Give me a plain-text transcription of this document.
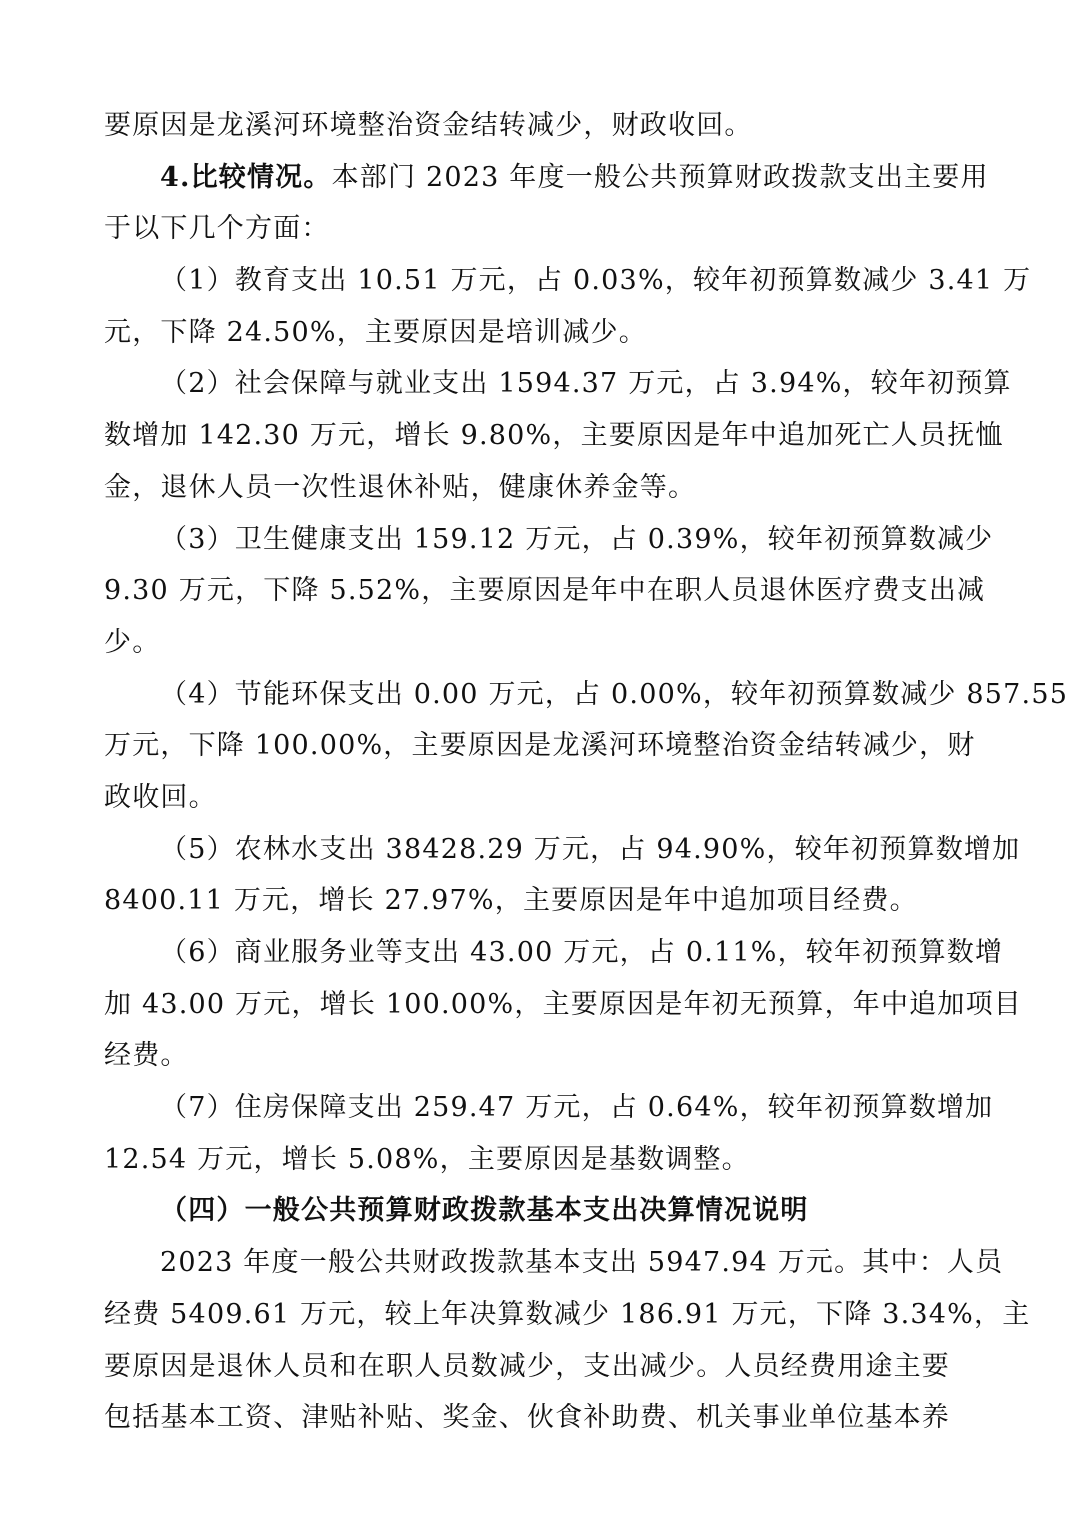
要原因是龙溪河环境整治资金结转减少，财政收回。
4.比较情况。本部门 2023 年度一般公共预算财政拨款支出主要用
于以下几个方面：
（1）教育支出 10.51 万元，占 0.03%，较年初预算数减少 3.41 万
元，下降 24.50%，主要原因是培训减少。
（2）社会保障与就业支出 1594.37 万元，占 3.94%，较年初预算
数增加 142.30 万元，增长 9.80%，主要原因是年中追加死亡人员抚恤
金，退休人员一次性退休补贴，健康休养金等。
（3）卫生健康支出 159.12 万元，占 0.39%，较年初预算数减少
9.30 万元，下降 5.52%，主要原因是年中在职人员退休医疗费支出减
少。
（4）节能环保支出 0.00 万元，占 0.00%，较年初预算数减少 857.55
万元，下降 100.00%，主要原因是龙溪河环境整治资金结转减少，财
政收回。
（5）农林水支出 38428.29 万元，占 94.90%，较年初预算数增加
8400.11 万元，增长 27.97%，主要原因是年中追加项目经费。
（6）商业服务业等支出 43.00 万元，占 0.11%，较年初预算数增
加 43.00 万元，增长 100.00%，主要原因是年初无预算，年中追加项目
经费。
（7）住房保障支出 259.47 万元，占 0.64%，较年初预算数增加
12.54 万元，增长 5.08%，主要原因是基数调整。
（四）一般公共预算财政拨款基本支出决算情况说明
2023 年度一般公共财政拨款基本支出 5947.94 万元。其中：人员
经费 5409.61 万元，较上年决算数减少 186.91 万元，下降 3.34%，主
要原因是退休人员和在职人员数减少，支出减少。人员经费用途主要
包括基本工资、津贴补贴、奖金、伙食补助费、机关事业单位基本养
